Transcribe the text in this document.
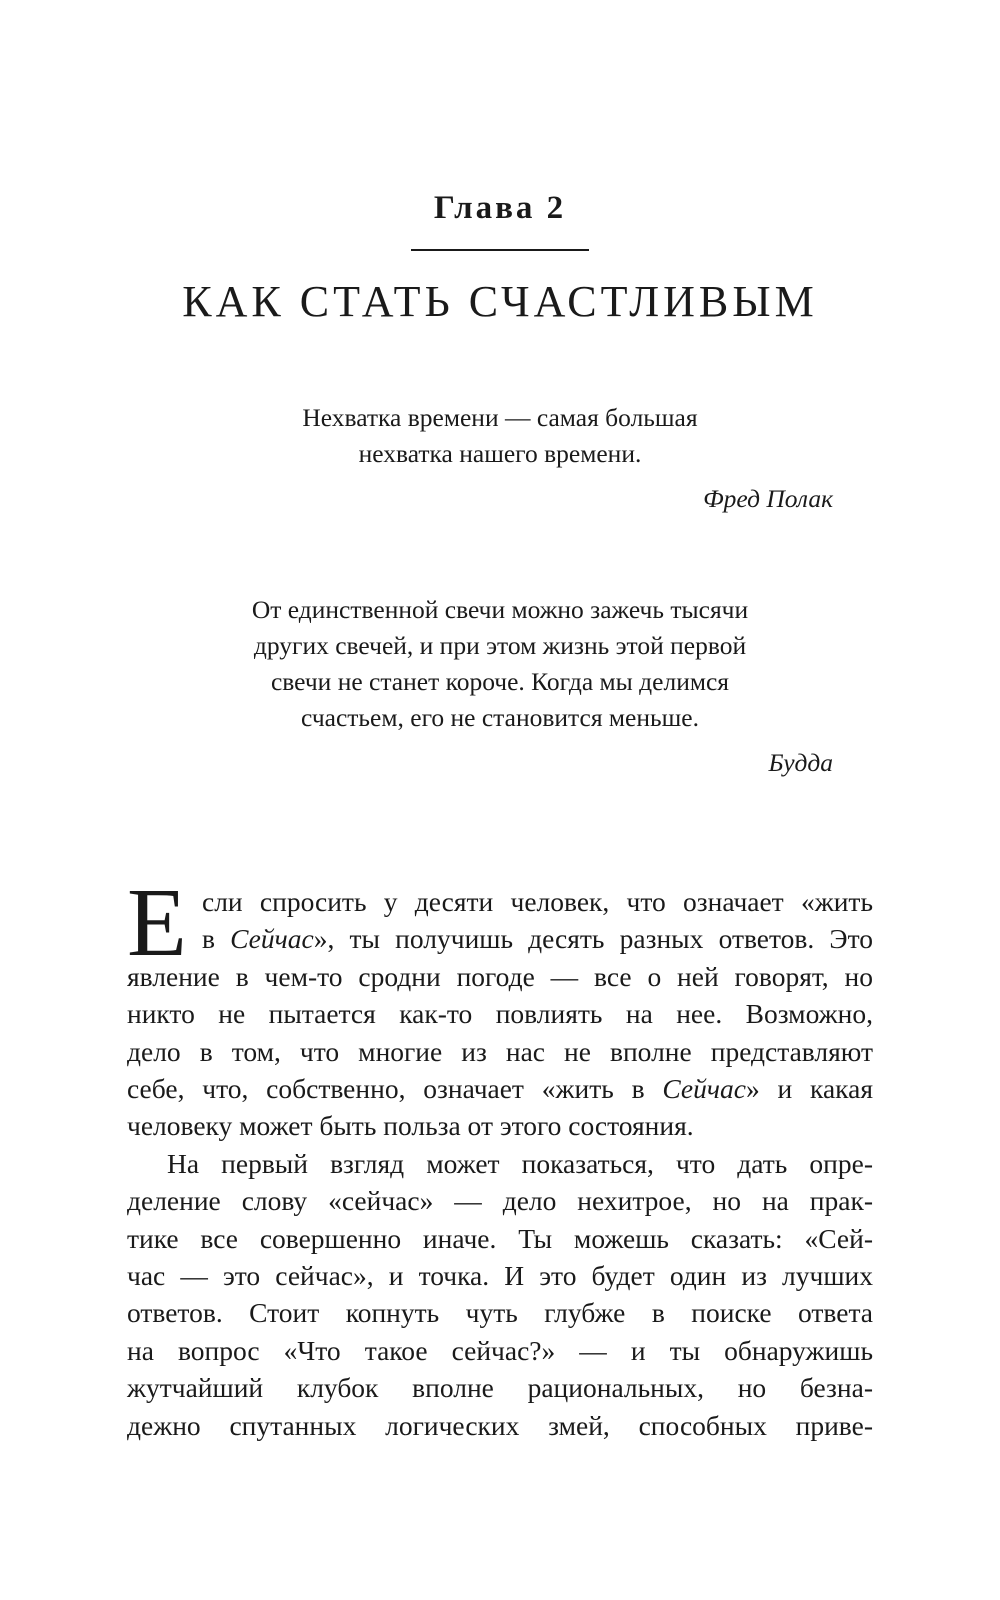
Глава 2
КАК СТАТЬ СЧАСТЛИВЫМ
Нехватка времени — самая большая
нехватка нашего времени.
Фред Полак
От единственной свечи можно зажечь тысячи
других свечей, и при этом жизнь этой первой
свечи не станет короче. Когда мы делимся
счастьем, его не становится меньше.
Будда
Е сли спросить у десяти человек, что означает «жить
в Сейчас», ты получишь десять разных ответов. Это
явление в чем-то сродни погоде — все о ней говорят, но
никто не пытается как-то повлиять на нее. Возможно,
дело в том, что многие из нас не вполне представляют
себе, что, собственно, означает «жить в Сейчас» и какая
человеку может быть польза от этого состояния.
На первый взгляд может показаться, что дать опре-
деление слову «сейчас» — дело нехитрое, но на прак-
тике все совершенно иначе. Ты можешь сказать: «Сей-
час — это сейчас», и точка. И это будет один из лучших
ответов. Стоит копнуть чуть глубже в поиске ответа
на вопрос «Что такое сейчас?» — и ты обнаружишь
жутчайший клубок вполне рациональных, но безна-
дежно спутанных логических змей, способных приве-
